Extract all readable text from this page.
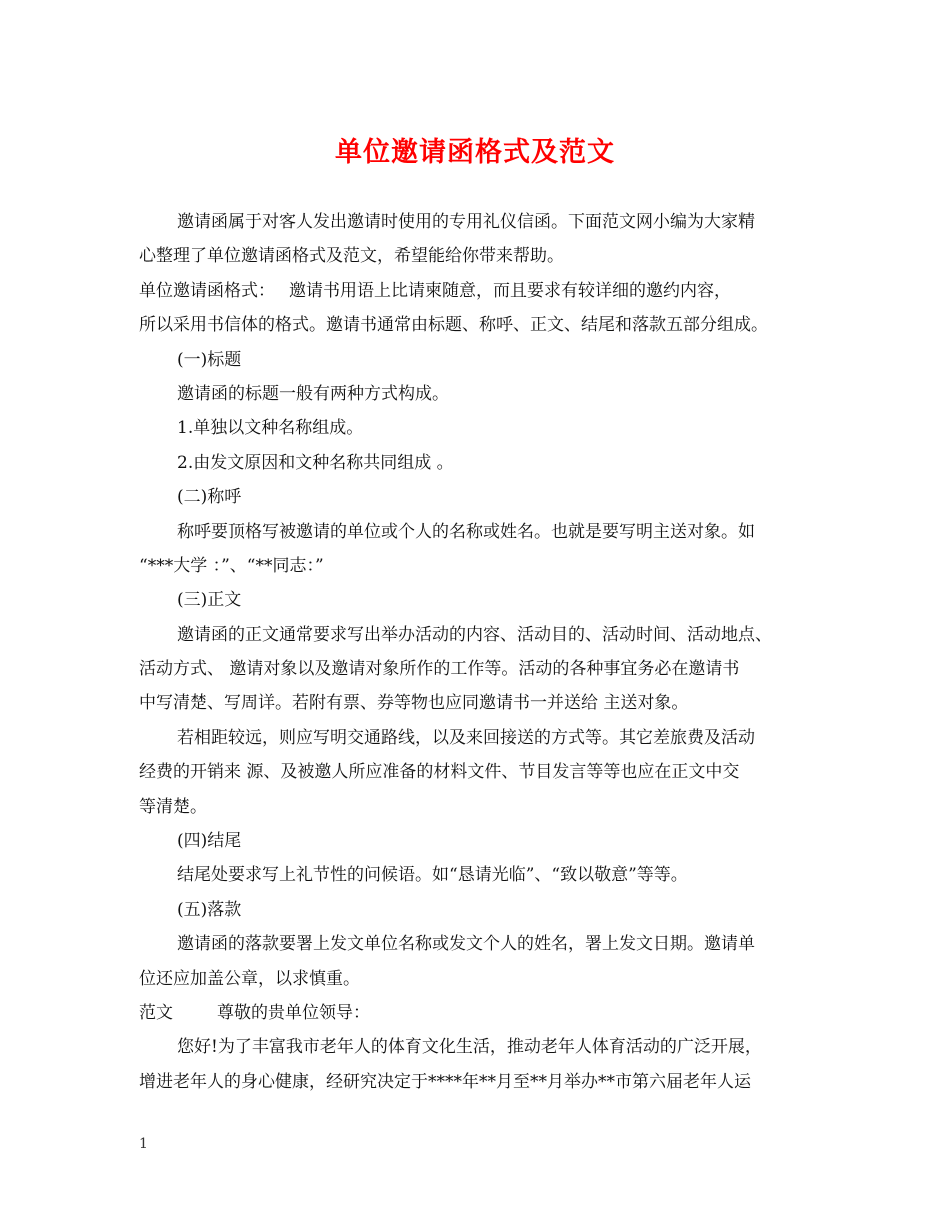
单位邀请函格式及范文

邀请函属于对客人发出邀请时使用的专用礼仪信函。下面范文网小编为大家精

心整理了单位邀请函格式及范文，希望能给你带来帮助。

单位邀请函格式： 邀请书用语上比请柬随意，而且要求有较详细的邀约内容，

所以采用书信体的格式。邀请书通常由标题、称呼、正文、结尾和落款五部分组成。

(一)标题

邀请函的标题一般有两种方式构成。

1.单独以文种名称组成。

2.由发文原因和文种名称共同组成 。

(二)称呼

称呼要顶格写被邀请的单位或个人的名称或姓名。也就是要写明主送对象。如

“***大学 ：”、“**同志：”

(三)正文

邀请函的正文通常要求写出举办活动的内容、活动目的、活动时间、活动地点、

活动方式、 邀请对象以及邀请对象所作的工作等。活动的各种事宜务必在邀请书

中写清楚、写周详。若附有票、券等物也应同邀请书一并送给 主送对象。

若相距较远，则应写明交通路线，以及来回接送的方式等。其它差旅费及活动

经费的开销来 源、及被邀人所应准备的材料文件、节目发言等等也应在正文中交

等清楚。

(四)结尾

结尾处要求写上礼节性的问候语。如“恳请光临”、“致以敬意”等等。

(五)落款

邀请函的落款要署上发文单位名称或发文个人的姓名，署上发文日期。邀请单

位还应加盖公章，以求慎重。

范文	尊敬的贵单位领导：

您好!为了丰富我市老年人的体育文化生活，推动老年人体育活动的广泛开展，

增进老年人的身心健康，经研究决定于****年**月至**月举办**市第六届老年人运

1
